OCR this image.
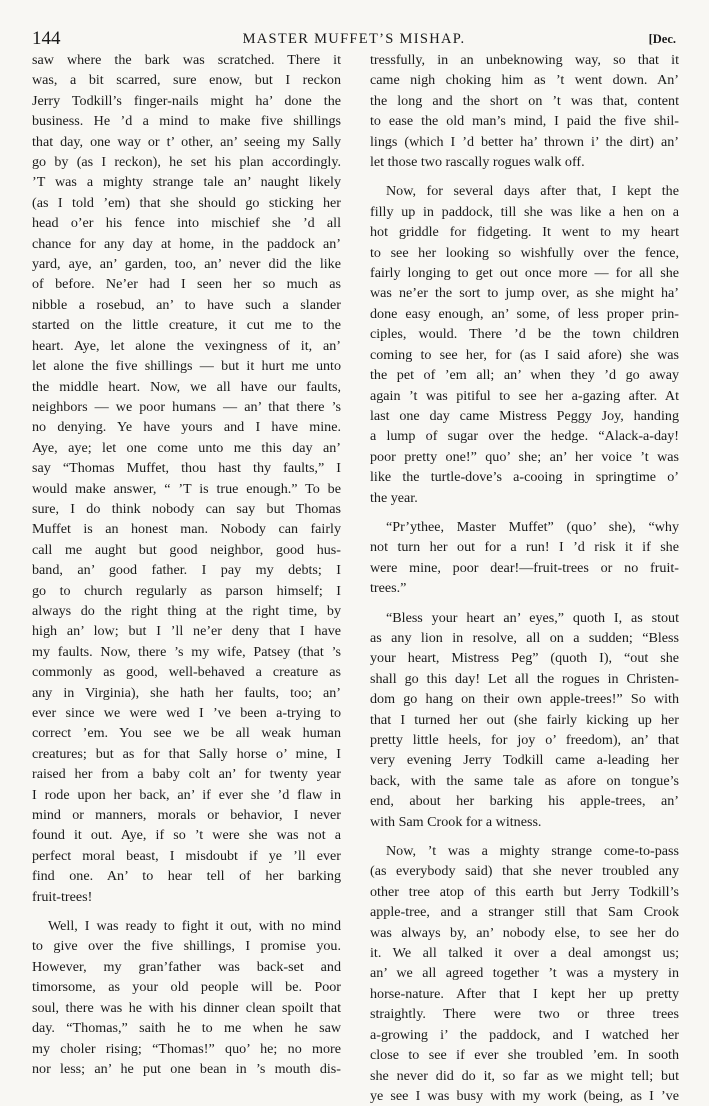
144	MASTER MUFFET’S MISHAP.	[Dec.

saw where the bark was scratched. There it
was, a bit scarred, sure enow, but I reckon
Jerry Todkill’s finger-nails might ha’ done the
business. He ’d a mind to make five shillings
that day, one way or t’ other, an’ seeing my Sally
go by (as I reckon), he set his plan accordingly.
’T was a mighty strange tale an’ naught likely
(as I told ’em) that she should go sticking her
head o’er his fence into mischief she ’d all
chance for any day at home, in the paddock an’
yard, aye, an’ garden, too, an’ never did the like
of before. Ne’er had I seen her so much as
nibble a rosebud, an’ to have such a slander
started on the little creature, it cut me to the
heart. Aye, let alone the vexingness of it, an’
let alone the five shillings — but it hurt me unto
the middle heart. Now, we all have our faults,
neighbors — we poor humans — an’ that there ’s
no denying. Ye have yours and I have mine.
Aye, aye; let one come unto me this day an’
say “Thomas Muffet, thou hast thy faults,” I
would make answer, “ ’T is true enough.” To be
sure, I do think nobody can say but Thomas
Muffet is an honest man. Nobody can fairly
call me aught but good neighbor, good hus-
band, an’ good father. I pay my debts; I
go to church regularly as parson himself; I
always do the right thing at the right time, by
high an’ low; but I ’ll ne’er deny that I have
my faults. Now, there ’s my wife, Patsey (that ’s
commonly as good, well-behaved a creature as
any in Virginia), she hath her faults, too; an’
ever since we were wed I ’ve been a-trying to
correct ’em. You see we be all weak human
creatures; but as for that Sally horse o’ mine, I
raised her from a baby colt an’ for twenty year
I rode upon her back, an’ if ever she ’d flaw in
mind or manners, morals or behavior, I never
found it out. Aye, if so ’t were she was not a
perfect moral beast, I misdoubt if ye ’ll ever
find one. An’ to hear tell of her barking
fruit-trees!

Well, I was ready to fight it out, with no mind
to give over the five shillings, I promise you.
However, my gran’father was back-set and
timorsome, as your old people will be. Poor
soul, there was he with his dinner clean spoilt that
day. “Thomas,” saith he to me when he saw
my choler rising; “Thomas!” quo’ he; no more
nor less; an’ he put one bean in ’s mouth dis-

tressfully, in an unbeknowing way, so that it
came nigh choking him as ’t went down. An’
the long and the short on ’t was that, content
to ease the old man’s mind, I paid the five shil-
lings (which I ’d better ha’ thrown i’ the dirt) an’
let those two rascally rogues walk off.

Now, for several days after that, I kept the
filly up in paddock, till she was like a hen on a
hot griddle for fidgeting. It went to my heart
to see her looking so wishfully over the fence,
fairly longing to get out once more — for all she
was ne’er the sort to jump over, as she might ha’
done easy enough, an’ some, of less proper prin-
ciples, would. There ’d be the town children
coming to see her, for (as I said afore) she was
the pet of ’em all; an’ when they ’d go away
again ’t was pitiful to see her a-gazing after. At
last one day came Mistress Peggy Joy, handing
a lump of sugar over the hedge. “Alack-a-day!
poor pretty one!” quo’ she; an’ her voice ’t was
like the turtle-dove’s a-cooing in springtime o’
the year.

“Pr’ythee, Master Muffet” (quo’ she), “why
not turn her out for a run! I ’d risk it if she
were mine, poor dear!—fruit-trees or no fruit-
trees.”

“Bless your heart an’ eyes,” quoth I, as stout
as any lion in resolve, all on a sudden; “Bless
your heart, Mistress Peg” (quoth I), “out she
shall go this day! Let all the rogues in Christen-
dom go hang on their own apple-trees!” So with
that I turned her out (she fairly kicking up her
pretty little heels, for joy o’ freedom), an’ that
very evening Jerry Todkill came a-leading her
back, with the same tale as afore on tongue’s
end, about her barking his apple-trees, an’
with Sam Crook for a witness.

Now, ’t was a mighty strange come-to-pass
(as everybody said) that she never troubled any
other tree atop of this earth but Jerry Todkill’s
apple-tree, and a stranger still that Sam Crook
was always by, an’ nobody else, to see her do
it. We all talked it over a deal amongst us;
an’ we all agreed together ’t was a mystery in
horse-nature. After that I kept her up pretty
straightly. There were two or three trees
a-growing i’ the paddock, and I watched her
close to see if ever she troubled ’em. In sooth
she never did do it, so far as we might tell; but
ye see I was busy with my work (being, as I ’ve
